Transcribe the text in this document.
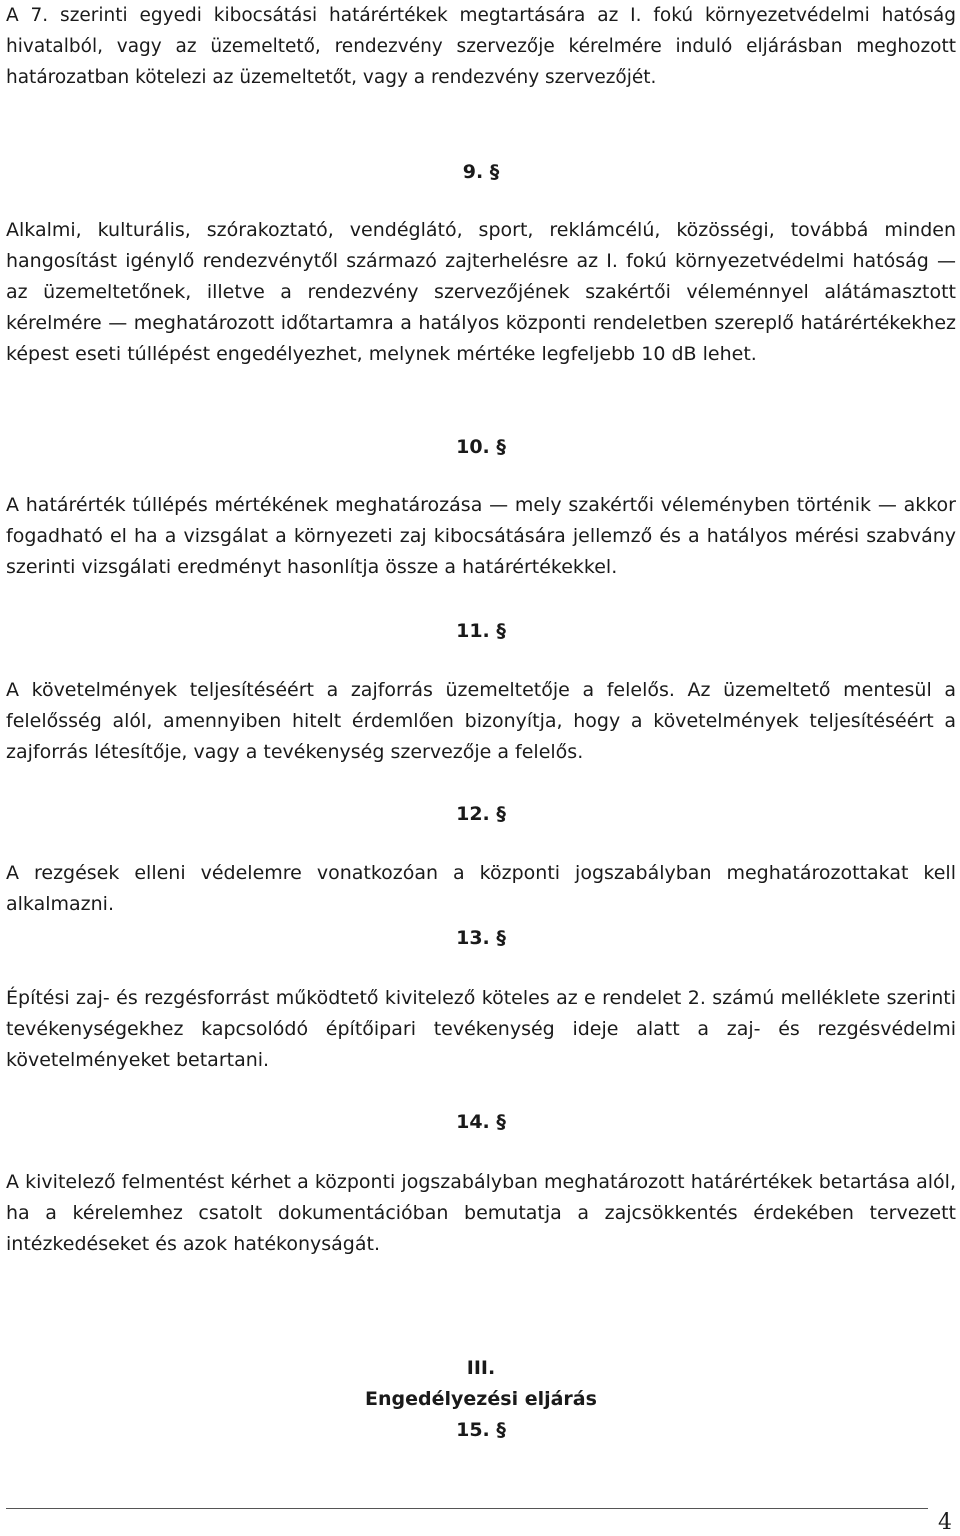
A 7. szerinti egyedi kibocsátási határértékek megtartására az I. fokú környezetvédelmi hatóság hivatalból, vagy az üzemeltető, rendezvény szervezője kérelmére induló eljárásban meghozott határozatban kötelezi az üzemeltetőt, vagy a rendezvény szervezőjét.
9. §
Alkalmi, kulturális, szórakoztató, vendéglátó, sport, reklámcélú, közösségi, továbbá minden hangosítást igénylő rendezvénytől származó zajterhelésre az I. fokú környezetvédelmi hatóság — az üzemeltetőnek, illetve a rendezvény szervezőjének szakértői véleménnyel alátámasztott kérelmére — meghatározott időtartamra a hatályos központi rendeletben szereplő határértékekhez képest eseti túllépést engedélyezhet, melynek mértéke legfeljebb 10 dB lehet.
10. §
A határérték túllépés mértékének meghatározása — mely szakértői véleményben történik — akkor fogadható el ha a vizsgálat a környezeti zaj kibocsátására jellemző és a hatályos mérési szabvány szerinti vizsgálati eredményt hasonlítja össze a határértékekkel.
11. §
A követelmények teljesítéséért a zajforrás üzemeltetője a felelős. Az üzemeltető mentesül a felelősség alól, amennyiben hitelt érdemlően bizonyítja, hogy a követelmények teljesítéséért a zajforrás létesítője, vagy a tevékenység szervezője a felelős.
12. §
A rezgések elleni védelemre vonatkozóan a központi jogszabályban meghatározottakat kell alkalmazni.
13. §
Építési zaj- és rezgésforrást működtető kivitelező köteles az e rendelet 2. számú melléklete szerinti tevékenységekhez kapcsolódó építőipari tevékenység ideje alatt a zaj- és rezgésvédelmi követelményeket betartani.
14. §
A kivitelező felmentést kérhet a központi jogszabályban meghatározott határértékek betartása alól, ha a kérelemhez csatolt dokumentációban bemutatja a zajcsökkentés érdekében tervezett intézkedéseket és azok hatékonyságát.
III.
Engedélyezési eljárás
15. §
4
